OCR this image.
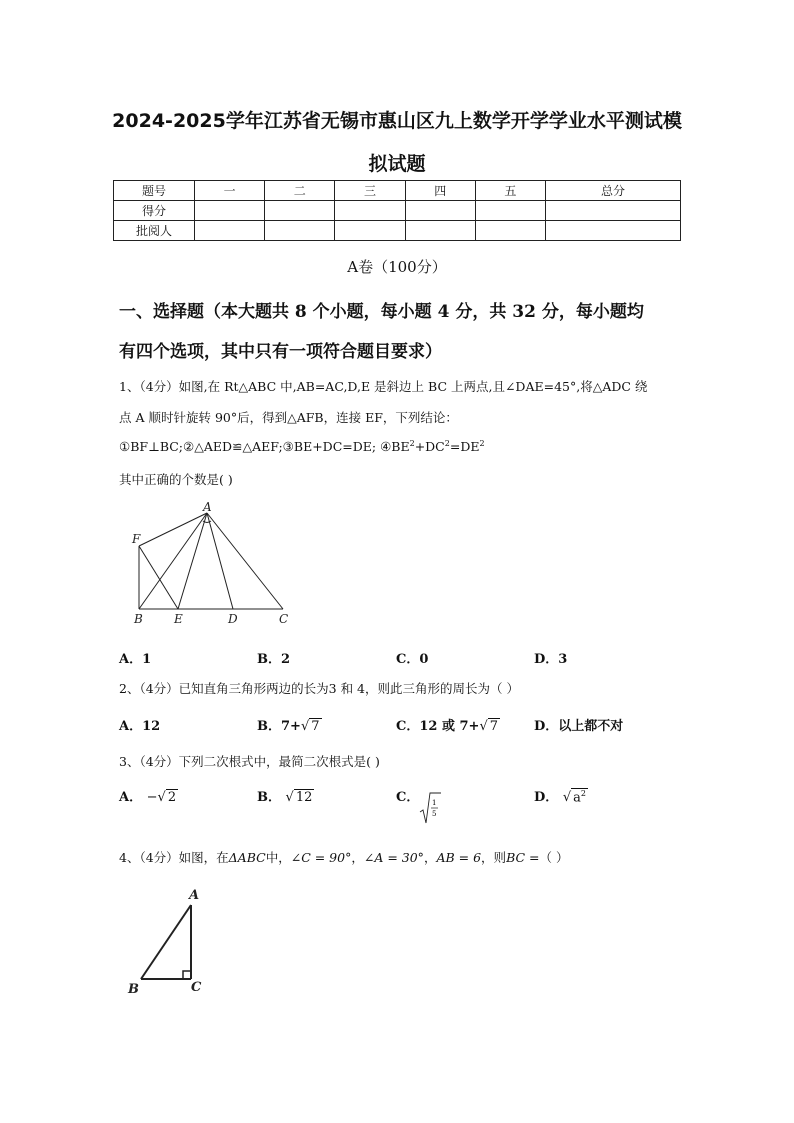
2024-2025学年江苏省无锡市惠山区九上数学开学学业水平测试模
拟试题
题号	一	二	三	四	五	总分
得分						
批阅人						
A卷（100分）
一、选择题（本大题共 8 个小题，每小题 4 分，共 32 分，每小题均
有四个选项，其中只有一项符合题目要求）
1、（4分）如图,在 Rt△ABC 中,AB=AC,D,E 是斜边上 BC 上两点,且∠DAE=45°,将△ADC 绕
点 A 顺时针旋转 90°后，得到△AFB，连接 EF，下列结论：
①BF⊥BC;②△AED≌△AEF;③BE+DC=DE; $④BE^2+DC^2=DE^2$
其中正确的个数是( )
A
F
B	E	D	C
A．1	B．2	C．0	D．3
2、（4分）已知直角三角形两边的长为3 和 4，则此三角形的周长为（ ）
A．12	B．7+√ 7	C．12 或 7+√ 7	D．以上都不对
3、（4分）下列二次根式中，最简二次根式是( )
A． −√ 2	B． √ 12	C． 1
5
D． √ $a^2$
4、（4分）如图，在ΔABC中，∠C = 90°，∠A = 30°，AB = 6，则BC =（ ）
A
B	C
